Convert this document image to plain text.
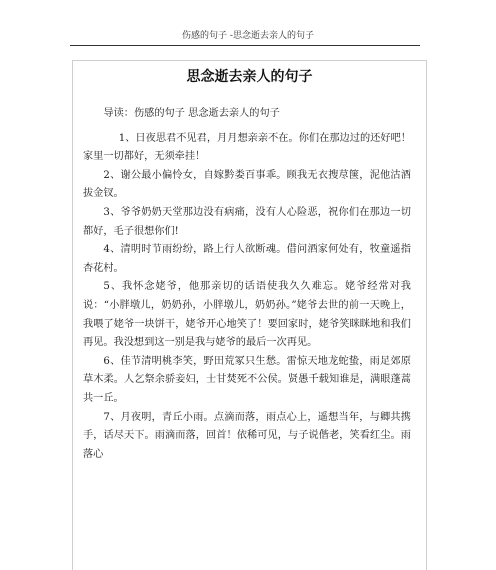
伤感的句子 -思念逝去亲人的句子
思念逝去亲人的句子

导读：伤感的句子 思念逝去亲人的句子

1、日夜思君不见君，月月想亲亲不在。你们在那边过的还好吧！家里一切都好，无须牵挂！

2、谢公最小偏怜女，自嫁黔娄百事乖。顾我无衣搜荩箧，泥他沽酒拔金钗。

3、爷爷奶奶天堂那边没有病痛，没有人心险恶，祝你们在那边一切都好，毛子很想你们!

4、清明时节雨纷纷，路上行人欲断魂。借问酒家何处有，牧童遥指杏花村。

5、我怀念姥爷，他那亲切的话语使我久久难忘。姥爷经常对我说：“小胖墩儿，奶奶孙，小胖墩儿，奶奶孙。”姥爷去世的前一天晚上，我喂了姥爷一块饼干，姥爷开心地笑了！要回家时，姥爷笑眯眯地和我们再见。我没想到这一别是我与姥爷的最后一次再见。

6、佳节清明桃李笑，野田荒冢只生愁。雷惊天地龙蛇蛰，雨足郊原草木柔。人乞祭余骄妾妇，士甘焚死不公侯。贤愚千载知谁是，满眼蓬蒿共一丘。

7、月夜明，青丘小雨。点滴而落，雨点心上，遥想当年，与卿共携手，话尽天下。雨滴而落，回首！依稀可见，与子说偕老，笑看红尘。雨落心
